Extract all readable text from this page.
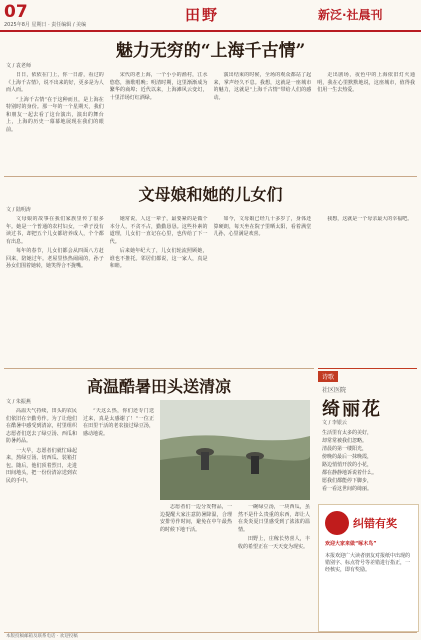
07
2025年8月 星期日 · 责任编辑 / 美编
田野	新泛·社晨刊
魅力无穷的“上海千古情”
文 / 袁老师

日日，依依在门上，你一日游，看过的《上海千古情》，说不出来的好，更多是为人而人而。

“上海千古情”在于这种而且，是上海在特别时的身份。那一年的一个星期天，我们和朋友一起去看了这台演出，演出的舞台上，上海的历史一幕幕地展现在我们的眼前。

宋代的老上海，一个小小的渔村，江水悠悠，渔歌唱晚；明清时期，这里渐渐成为繁华的商埠；近代以来，上海滩风云变幻，十里洋场灯红酒绿。

演出结束的时候，全场的观众都站了起来，掌声经久不息。我想，这就是一座城市的魅力，这就是“上海千古情”带给人们的感动。

走出剧场，夜色中的上海依旧灯火通明，我在心里默默地说，这座城市，值得我们用一生去热爱。

文母娘和她的儿女们
文 / 陆明涛

文母娘的故事在我们家族里传了很多年。她是一个普通的农村妇女，一辈子没有读过书，却把五个儿女都培养成人，个个都有出息。

每年的春节，儿女们都会从四面八方赶回来，陪她过年。老屋里热热闹闹的，孙子孙女们围着她转，她笑得合不拢嘴。

她常说，人这一辈子，最要紧的是做个本分人，不贪不占，勤勤恳恳。这些朴素的道理，儿女们一直记在心里，也传给了下一代。

后来她年纪大了，儿女们轮流照顾她，谁也不推托。邻居们都说，这一家人，真是和睦。

如今，文母娘已经九十多岁了，身体还算硬朗，每天坐在院子里晒太阳，看着满堂儿孙，心里满是欢喜。

我想，这就是一个母亲最大的幸福吧。

诗歌
社区医院
绮丽花
文 / 李银云
生活里有太多的美好，
却常常被我们忽略。
清晨的第一缕阳光，
傍晚的最后一抹晚霞，
路边悄悄开放的小花，
都在静静地诉说着什么。
愿我们都能停下脚步，
看一看这世间的绮丽。
高温酷暑田头送清凉
文 / 朱振燕

高温天气持续，田头的农民们依旧在辛勤劳作。为了让他们在酷暑中感受到清凉，村里组织志愿者们送去了绿豆汤、西瓜和防暑药品。

一大早，志愿者们就忙碌起来，熬绿豆汤、切西瓜、装箱打包。随后，他们顶着烈日，走进田间地头，把一份份清凉送到农民的手中。

“天这么热，你们还专门送过来，真是太感谢了！”一位正在田里干活的老农接过绿豆汤，感动地说。

志愿者们一边分发物品，一边提醒大家注意防暑降温，合理安排劳作时间，避免在中午最热的时候下地干活。

一碗绿豆汤，一块西瓜，虽然不是什么贵重的东西，却让人在炎炎夏日里感受到了浓浓的温情。

田野上，庄稼长势喜人，丰收的希望正在一天天变为现实。

纠错有奖
欢迎大家来做“啄木鸟”
本报欢迎广大读者朋友对报纸中出现的错别字、标点符号等差错进行指正，一经核实，即有奖励。
本版投稿邮箱及联系电话 · 欢迎投稿
